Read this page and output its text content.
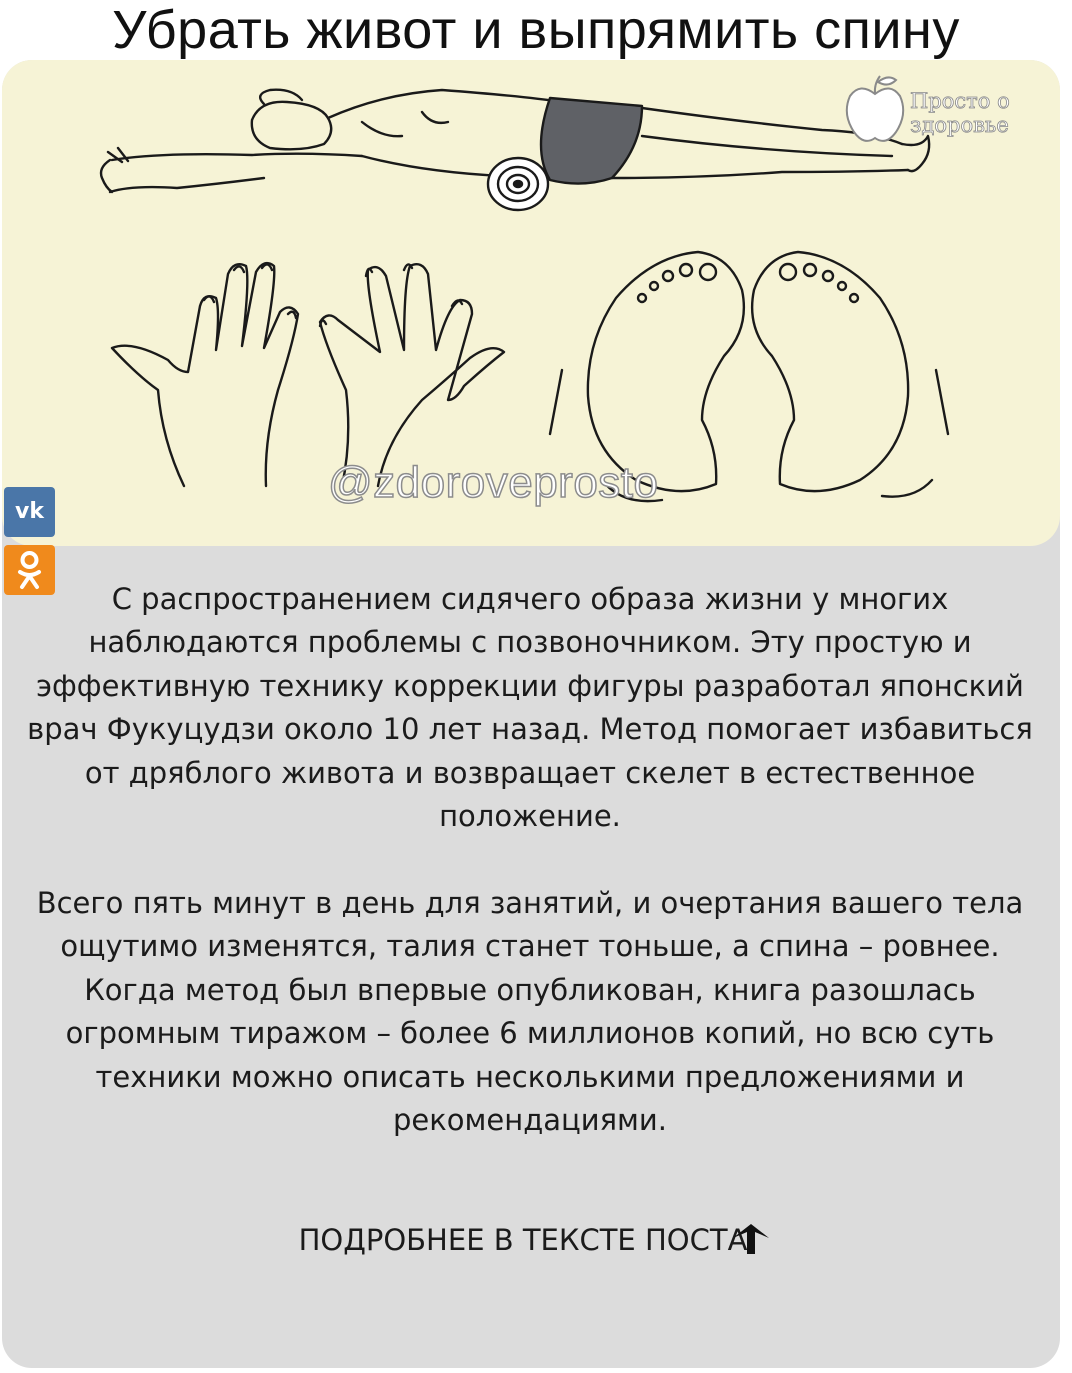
Убрать живот и выпрямить спину
@zdoroveprosto
Просто о
здоровье
vk

С распространением сидячего образа жизни у многих наблюдаются проблемы с позвоночником. Эту простую и эффективную технику коррекции фигуры разработал японский врач Фукуцудзи около 10 лет назад. Метод помогает избавиться от дряблого живота и возвращает скелет в естественное положение.

Всего пять минут в день для занятий, и очертания вашего тела ощутимо изменятся, талия станет тоньше, а спина – ровнее. Когда метод был впервые опубликован, книга разошлась огромным тиражом – более 6 миллионов копий, но всю суть техники можно описать несколькими предложениями и рекомендациями.

ПОДРОБНЕЕ В ТЕКСТЕ ПОСТА
